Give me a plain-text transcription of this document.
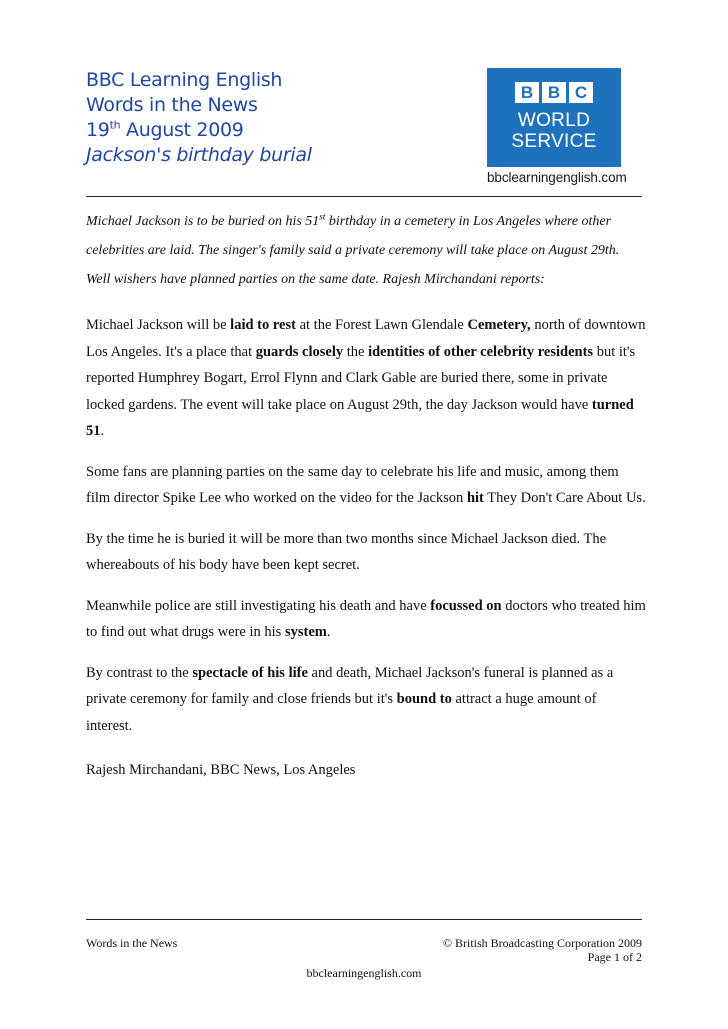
BBC Learning English
Words in the News
19th August 2009
Jackson's birthday burial
B B C
WORLD
SERVICE
bbclearningenglish.com
Michael Jackson is to be buried on his 51st birthday in a cemetery in Los Angeles where other celebrities are laid. The singer's family said a private ceremony will take place on August 29th. Well wishers have planned parties on the same date. Rajesh Mirchandani reports:

Michael Jackson will be laid to rest at the Forest Lawn Glendale Cemetery, north of downtown Los Angeles. It's a place that guards closely the identities of other celebrity residents but it's reported Humphrey Bogart, Errol Flynn and Clark Gable are buried there, some in private locked gardens. The event will take place on August 29th, the day Jackson would have turned 51.

Some fans are planning parties on the same day to celebrate his life and music, among them film director Spike Lee who worked on the video for the Jackson hit They Don't Care About Us.

By the time he is buried it will be more than two months since Michael Jackson died. The whereabouts of his body have been kept secret.

Meanwhile police are still investigating his death and have focussed on doctors who treated him to find out what drugs were in his system.

By contrast to the spectacle of his life and death, Michael Jackson's funeral is planned as a private ceremony for family and close friends but it's bound to attract a huge amount of interest.

Rajesh Mirchandani, BBC News, Los Angeles
Words in the News	© British Broadcasting Corporation 2009
Page 1 of 2
bbclearningenglish.com
